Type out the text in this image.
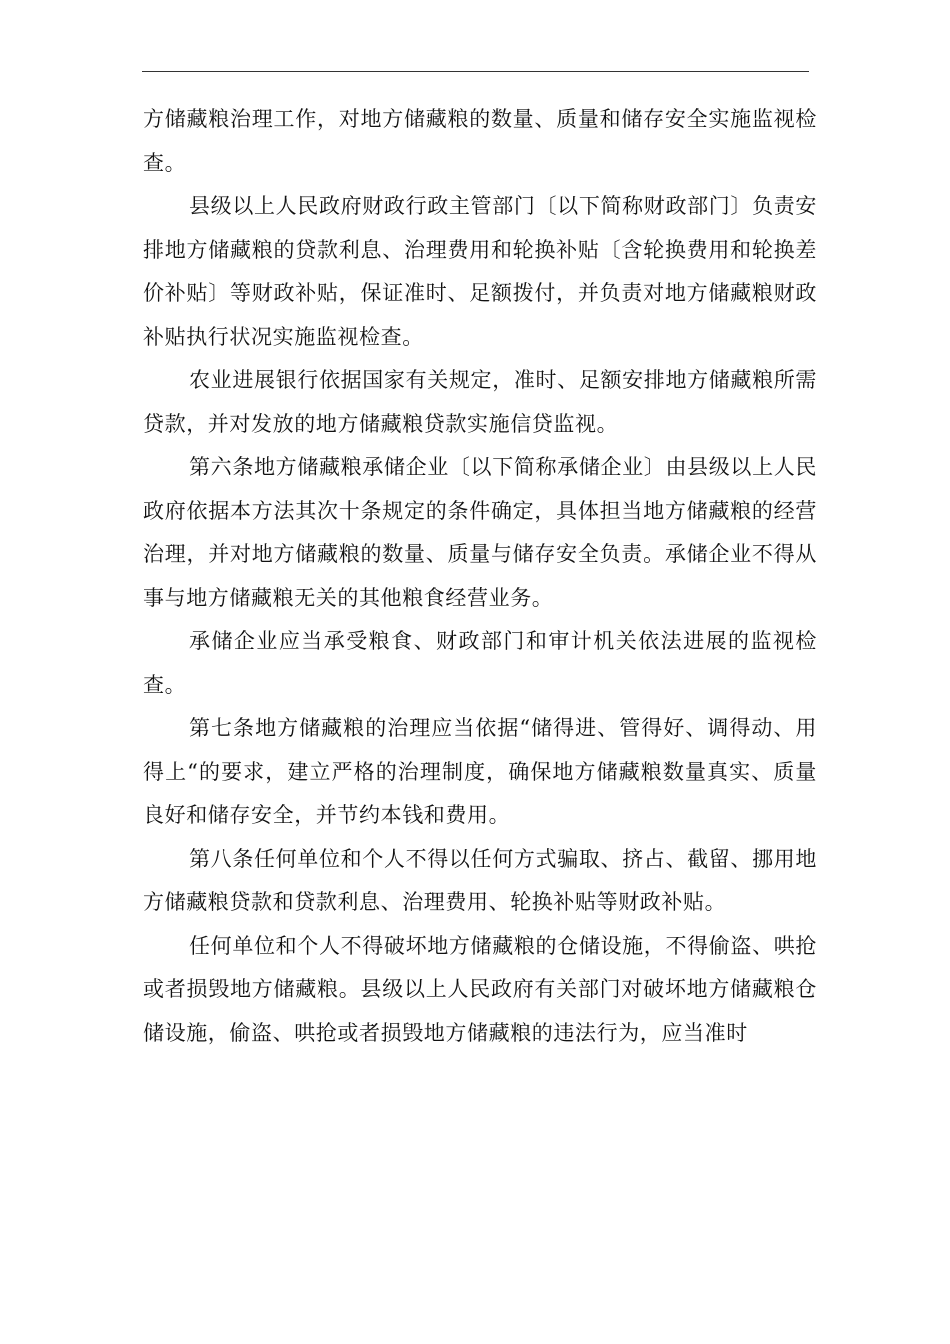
方储藏粮治理工作，对地方储藏粮的数量、质量和储存安全实施监视检查。

县级以上人民政府财政行政主管部门〔以下简称财政部门〕负责安排地方储藏粮的贷款利息、治理费用和轮换补贴〔含轮换费用和轮换差价补贴〕等财政补贴，保证准时、足额拨付，并负责对地方储藏粮财政补贴执行状况实施监视检查。

农业进展银行依据国家有关规定，准时、足额安排地方储藏粮所需贷款，并对发放的地方储藏粮贷款实施信贷监视。

第六条地方储藏粮承储企业〔以下简称承储企业〕由县级以上人民政府依据本方法其次十条规定的条件确定，具体担当地方储藏粮的经营治理，并对地方储藏粮的数量、质量与储存安全负责。承储企业不得从事与地方储藏粮无关的其他粮食经营业务。

承储企业应当承受粮食、财政部门和审计机关依法进展的监视检查。

第七条地方储藏粮的治理应当依据“储得进、管得好、调得动、用得上“的要求，建立严格的治理制度，确保地方储藏粮数量真实、质量良好和储存安全，并节约本钱和费用。

第八条任何单位和个人不得以任何方式骗取、挤占、截留、挪用地方储藏粮贷款和贷款利息、治理费用、轮换补贴等财政补贴。

任何单位和个人不得破坏地方储藏粮的仓储设施，不得偷盗、哄抢或者损毁地方储藏粮。县级以上人民政府有关部门对破坏地方储藏粮仓储设施，偷盗、哄抢或者损毁地方储藏粮的违法行为，应当准时
